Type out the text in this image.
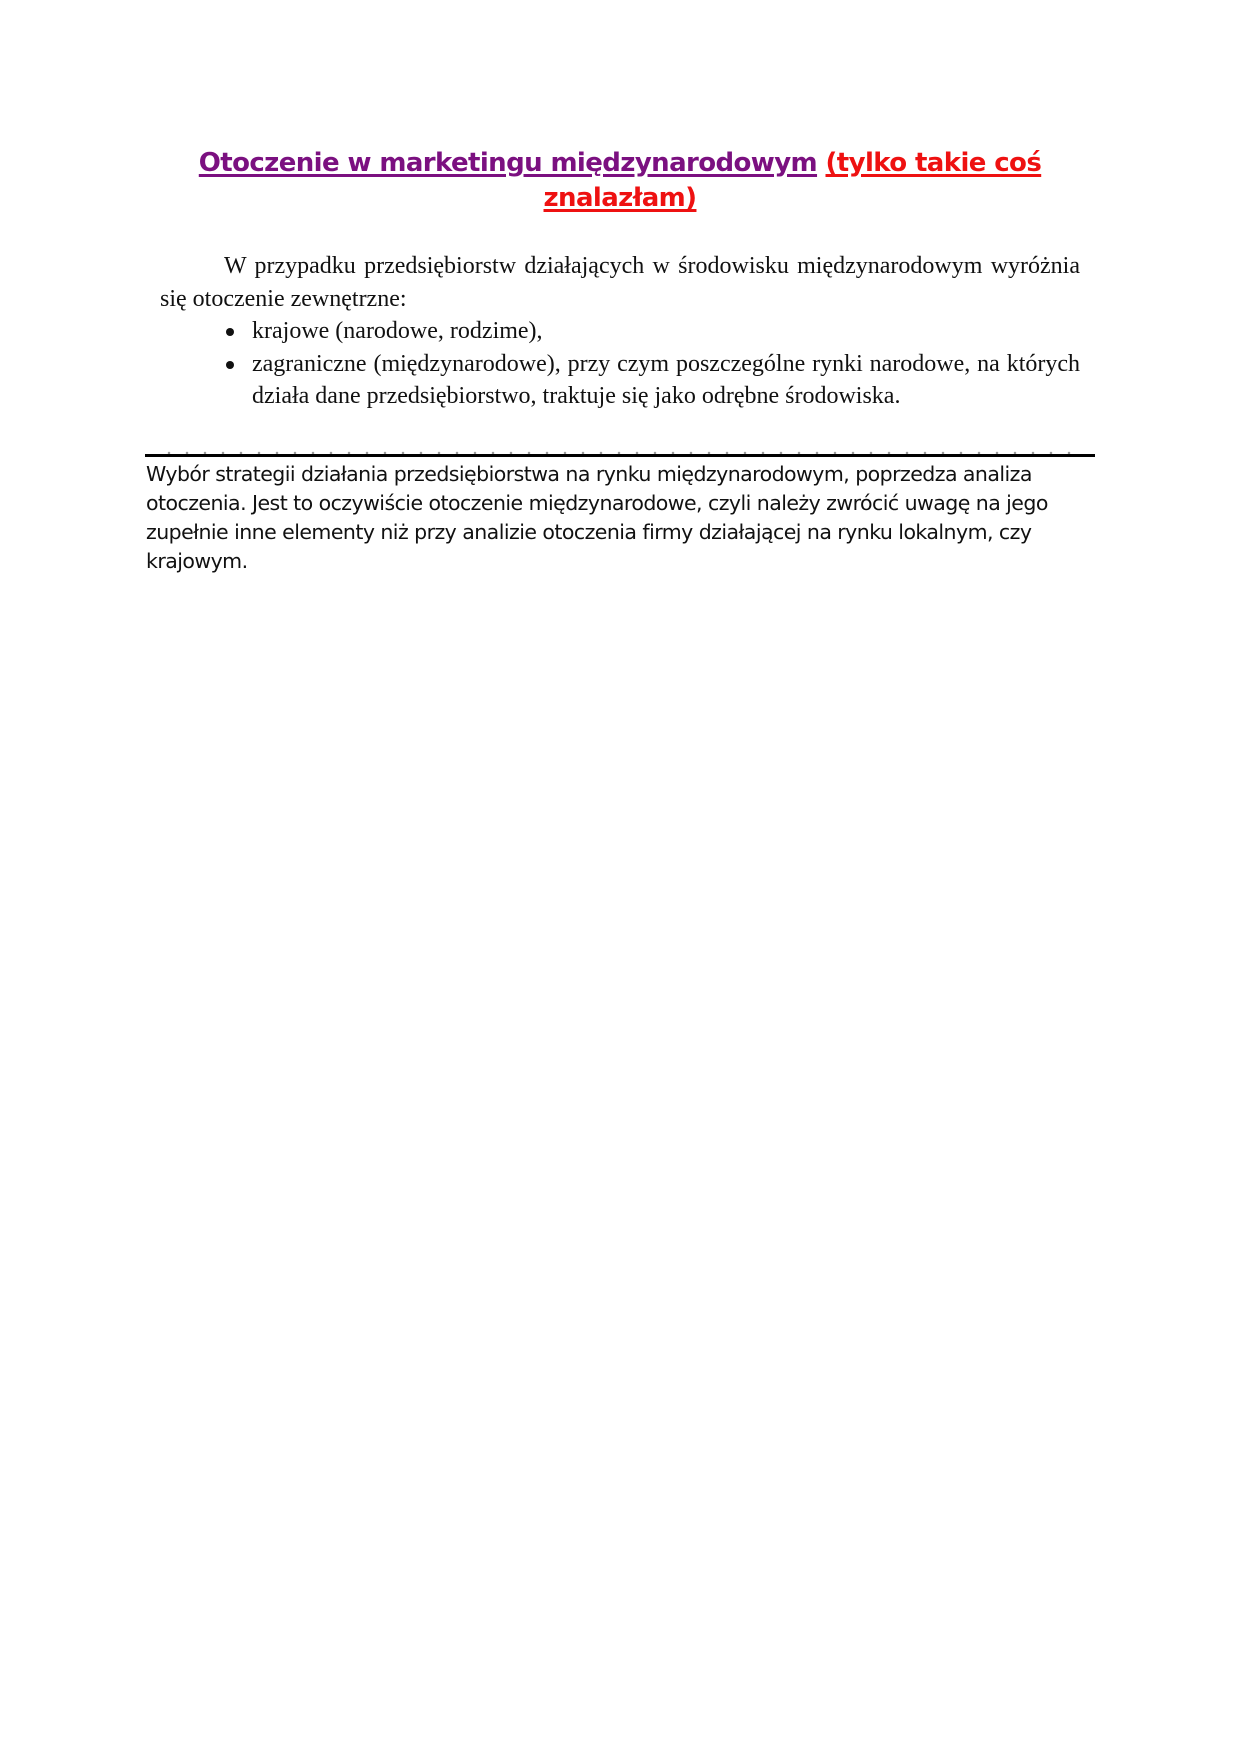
Otoczenie w marketingu międzynarodowym (tylko takie coś znalazłam)

W przypadku przedsiębiorstw działających w środowisku międzynarodowym wyróżnia się otoczenie zewnętrzne:

krajowe (narodowe, rodzime),
zagraniczne (międzynarodowe), przy czym poszczególne rynki narodowe, na których działa dane przedsiębiorstwo, traktuje się jako odrębne środowiska.

Wybór strategii działania przedsiębiorstwa na rynku międzynarodowym, poprzedza analiza otoczenia. Jest to oczywiście otoczenie międzynarodowe, czyli należy zwrócić uwagę na jego zupełnie inne elementy niż przy analizie otoczenia firmy działającej na rynku lokalnym, czy krajowym.
